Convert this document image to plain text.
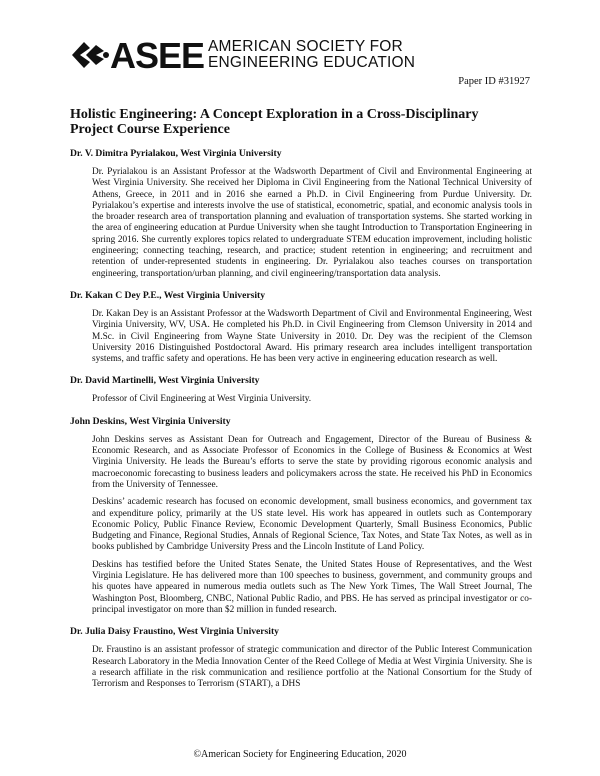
ASEE AMERICAN SOCIETY FOR
ENGINEERING EDUCATION
Paper ID #31927
Holistic Engineering: A Concept Exploration in a Cross-Disciplinary
Project Course Experience

Dr. V. Dimitra Pyrialakou, West Virginia University

Dr. Pyrialakou is an Assistant Professor at the Wadsworth Department of Civil and Environmental Engineering at West Virginia University. She received her Diploma in Civil Engineering from the National Technical University of Athens, Greece, in 2011 and in 2016 she earned a Ph.D. in Civil Engineering from Purdue University. Dr. Pyrialakou’s expertise and interests involve the use of statistical, econometric, spatial, and economic analysis tools in the broader research area of transportation planning and evaluation of transportation systems. She started working in the area of engineering education at Purdue University when she taught Introduction to Transportation Engineering in spring 2016. She currently explores topics related to undergraduate STEM education improvement, including holistic engineering; connecting teaching, research, and practice; student retention in engineering; and recruitment and retention of under-represented students in engineering. Dr. Pyrialakou also teaches courses on transportation engineering, transportation/urban planning, and civil engineering/transportation data analysis.

Dr. Kakan C Dey P.E., West Virginia University

Dr. Kakan Dey is an Assistant Professor at the Wadsworth Department of Civil and Environmental Engineering, West Virginia University, WV, USA. He completed his Ph.D. in Civil Engineering from Clemson University in 2014 and M.Sc. in Civil Engineering from Wayne State University in 2010. Dr. Dey was the recipient of the Clemson University 2016 Distinguished Postdoctoral Award. His primary research area includes intelligent transportation systems, and traffic safety and operations. He has been very active in engineering education research as well.

Dr. David Martinelli, West Virginia University

Professor of Civil Engineering at West Virginia University.

John Deskins, West Virginia University

John Deskins serves as Assistant Dean for Outreach and Engagement, Director of the Bureau of Business & Economic Research, and as Associate Professor of Economics in the College of Business & Economics at West Virginia University. He leads the Bureau’s efforts to serve the state by providing rigorous economic analysis and macroeconomic forecasting to business leaders and policymakers across the state. He received his PhD in Economics from the University of Tennessee.

Deskins’ academic research has focused on economic development, small business economics, and government tax and expenditure policy, primarily at the US state level. His work has appeared in outlets such as Contemporary Economic Policy, Public Finance Review, Economic Development Quarterly, Small Business Economics, Public Budgeting and Finance, Regional Studies, Annals of Regional Science, Tax Notes, and State Tax Notes, as well as in books published by Cambridge University Press and the Lincoln Institute of Land Policy.

Deskins has testified before the United States Senate, the United States House of Representatives, and the West Virginia Legislature. He has delivered more than 100 speeches to business, government, and community groups and his quotes have appeared in numerous media outlets such as The New York Times, The Wall Street Journal, The Washington Post, Bloomberg, CNBC, National Public Radio, and PBS. He has served as principal investigator or co-principal investigator on more than $2 million in funded research.

Dr. Julia Daisy Fraustino, West Virginia University

Dr. Fraustino is an assistant professor of strategic communication and director of the Public Interest Communication Research Laboratory in the Media Innovation Center of the Reed College of Media at West Virginia University. She is a research affiliate in the risk communication and resilience portfolio at the National Consortium for the Study of Terrorism and Responses to Terrorism (START), a DHS

©American Society for Engineering Education, 2020
